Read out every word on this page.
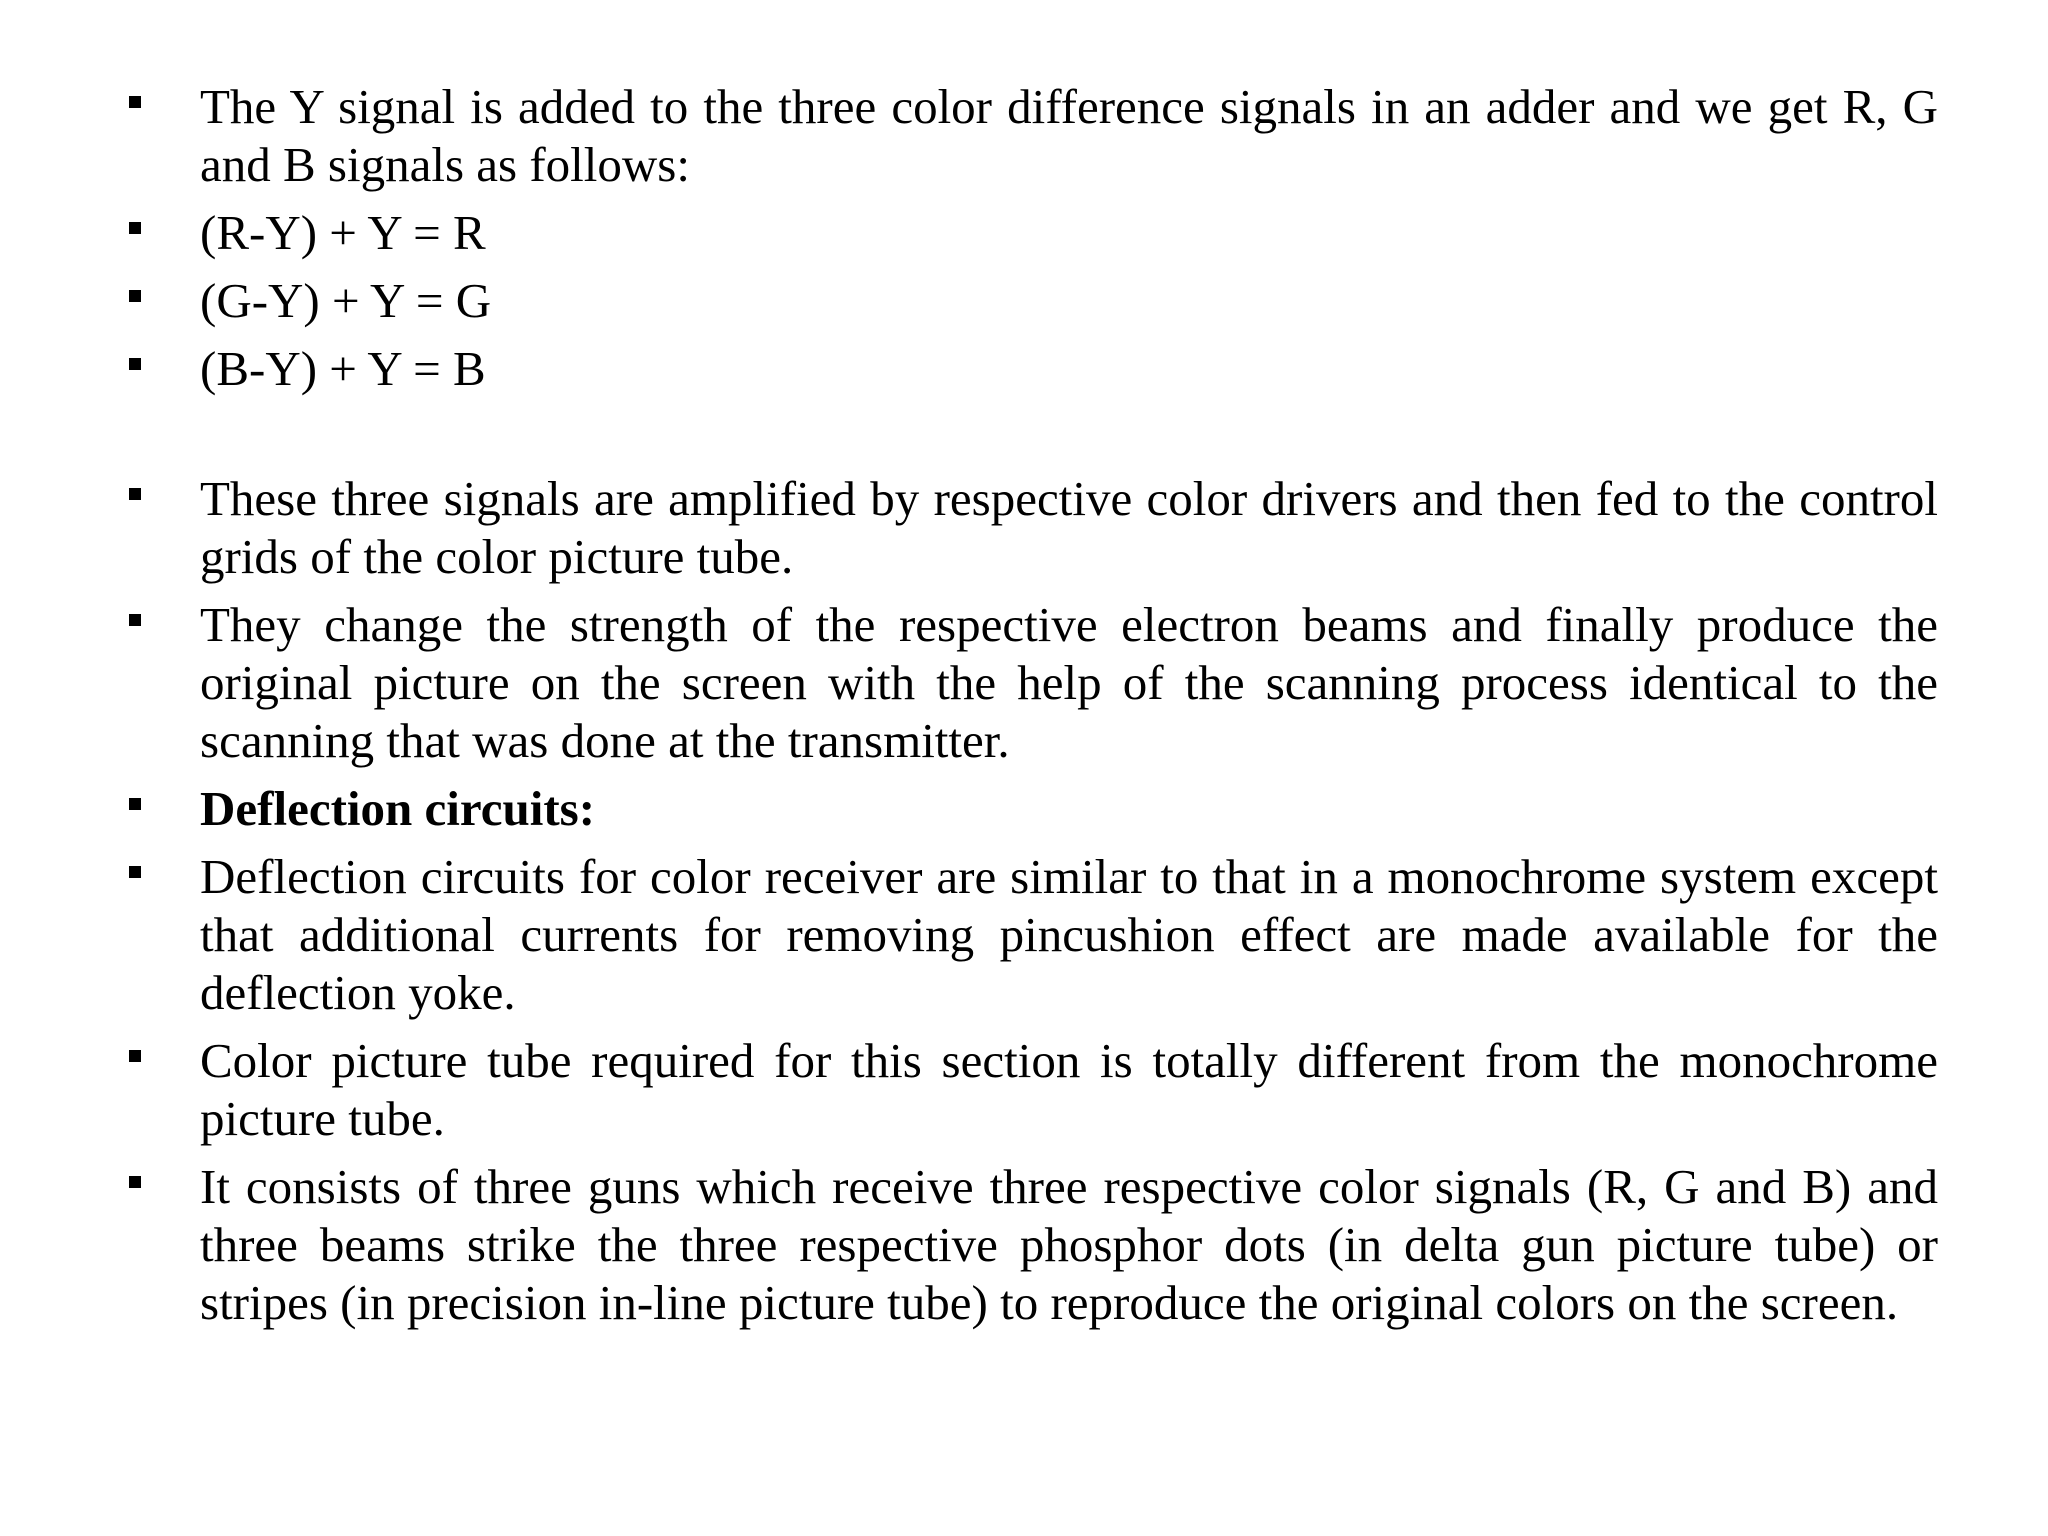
The Y signal is added to the three color difference signals in an adder and we get R, G and B signals as follows:
(R-Y) + Y = R
(G-Y) + Y = G
(B-Y) + Y = B
These three signals are amplified by respective color drivers and then fed to the control grids of the color picture tube.
They change the strength of the respective electron beams and finally produce the original picture on the screen with the help of the scanning process identical to the scanning that was done at the transmitter.
Deflection circuits:
Deflection circuits for color receiver are similar to that in a monochrome system except that additional currents for removing pincushion effect are made available for the deflection yoke.
Color picture tube required for this section is totally different from the monochrome picture tube.
It consists of three guns which receive three respective color signals (R, G and B) and three beams strike the three respective phosphor dots (in delta gun picture tube) or stripes (in precision in-line picture tube) to reproduce the original colors on the screen.
